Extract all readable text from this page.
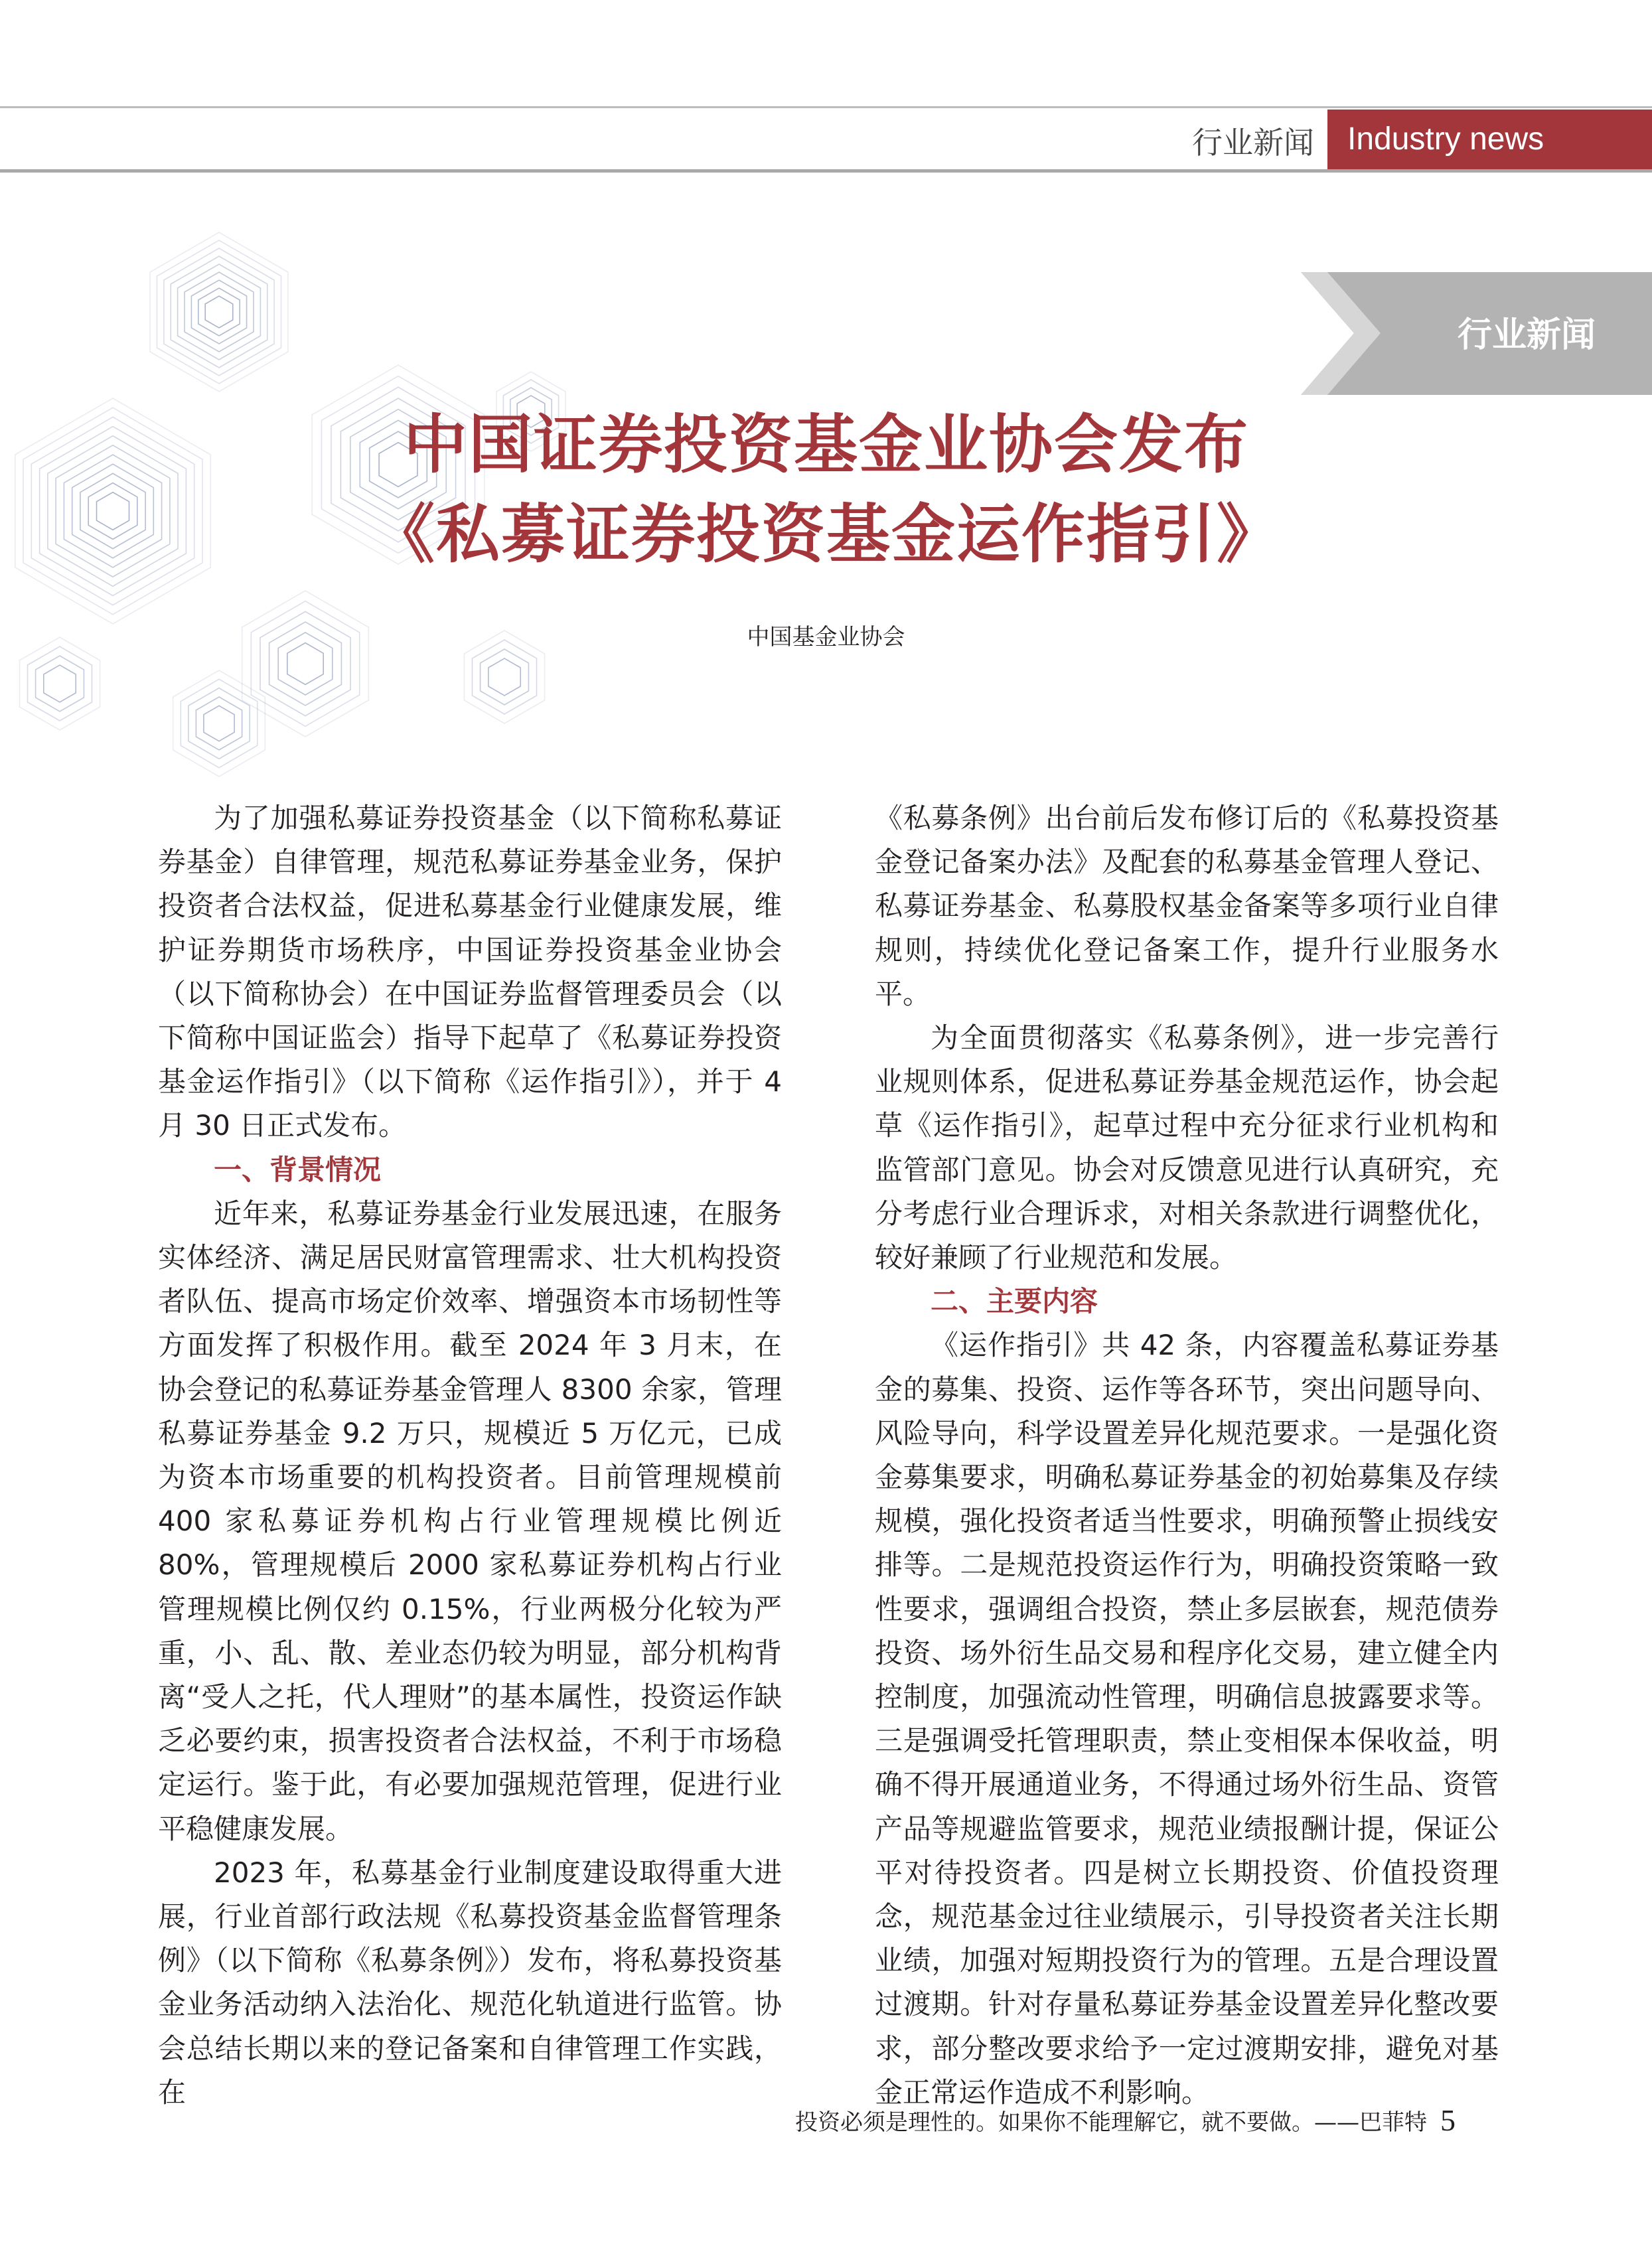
行业新闻	Industry news
行业新闻
中国证券投资基金业协会发布
《私募证券投资基金运作指引》
中国基金业协会

为了加强私募证券投资基金（以下简称私募证券基金）自律管理，规范私募证券基金业务，保护投资者合法权益，促进私募基金行业健康发展，维护证券期货市场秩序，中国证券投资基金业协会（以下简称协会）在中国证券监督管理委员会（以下简称中国证监会）指导下起草了《私募证券投资基金运作指引》（以下简称《运作指引》），并于 4 月 30 日正式发布。

一、背景情况

近年来，私募证券基金行业发展迅速，在服务实体经济、满足居民财富管理需求、壮大机构投资者队伍、提高市场定价效率、增强资本市场韧性等方面发挥了积极作用。截至 2024 年 3 月末，在协会登记的私募证券基金管理人 8300 余家，管理私募证券基金 9.2 万只，规模近 5 万亿元，已成为资本市场重要的机构投资者。目前管理规模前 400 家私募证券机构占行业管理规模比例近 80%，管理规模后 2000 家私募证券机构占行业管理规模比例仅约 0.15%，行业两极分化较为严重，小、乱、散、差业态仍较为明显，部分机构背离“受人之托，代人理财”的基本属性，投资运作缺乏必要约束，损害投资者合法权益，不利于市场稳定运行。鉴于此，有必要加强规范管理，促进行业平稳健康发展。

2023 年，私募基金行业制度建设取得重大进展，行业首部行政法规《私募投资基金监督管理条例》（以下简称《私募条例》）发布，将私募投资基金业务活动纳入法治化、规范化轨道进行监管。协会总结长期以来的登记备案和自律管理工作实践，在

《私募条例》出台前后发布修订后的《私募投资基金登记备案办法》及配套的私募基金管理人登记、私募证券基金、私募股权基金备案等多项行业自律规则，持续优化登记备案工作，提升行业服务水平。

为全面贯彻落实《私募条例》，进一步完善行业规则体系，促进私募证券基金规范运作，协会起草《运作指引》，起草过程中充分征求行业机构和监管部门意见。协会对反馈意见进行认真研究，充分考虑行业合理诉求，对相关条款进行调整优化，较好兼顾了行业规范和发展。

二、主要内容

《运作指引》共 42 条，内容覆盖私募证券基金的募集、投资、运作等各环节，突出问题导向、风险导向，科学设置差异化规范要求。一是强化资金募集要求，明确私募证券基金的初始募集及存续规模，强化投资者适当性要求，明确预警止损线安排等。二是规范投资运作行为，明确投资策略一致性要求，强调组合投资，禁止多层嵌套，规范债券投资、场外衍生品交易和程序化交易，建立健全内控制度，加强流动性管理，明确信息披露要求等。三是强调受托管理职责，禁止变相保本保收益，明确不得开展通道业务，不得通过场外衍生品、资管产品等规避监管要求，规范业绩报酬计提，保证公平对待投资者。四是树立长期投资、价值投资理念，规范基金过往业绩展示，引导投资者关注长期业绩，加强对短期投资行为的管理。五是合理设置过渡期。针对存量私募证券基金设置差异化整改要求，部分整改要求给予一定过渡期安排，避免对基金正常运作造成不利影响。

投资必须是理性的。如果你不能理解它，就不要做。——巴菲特 5
